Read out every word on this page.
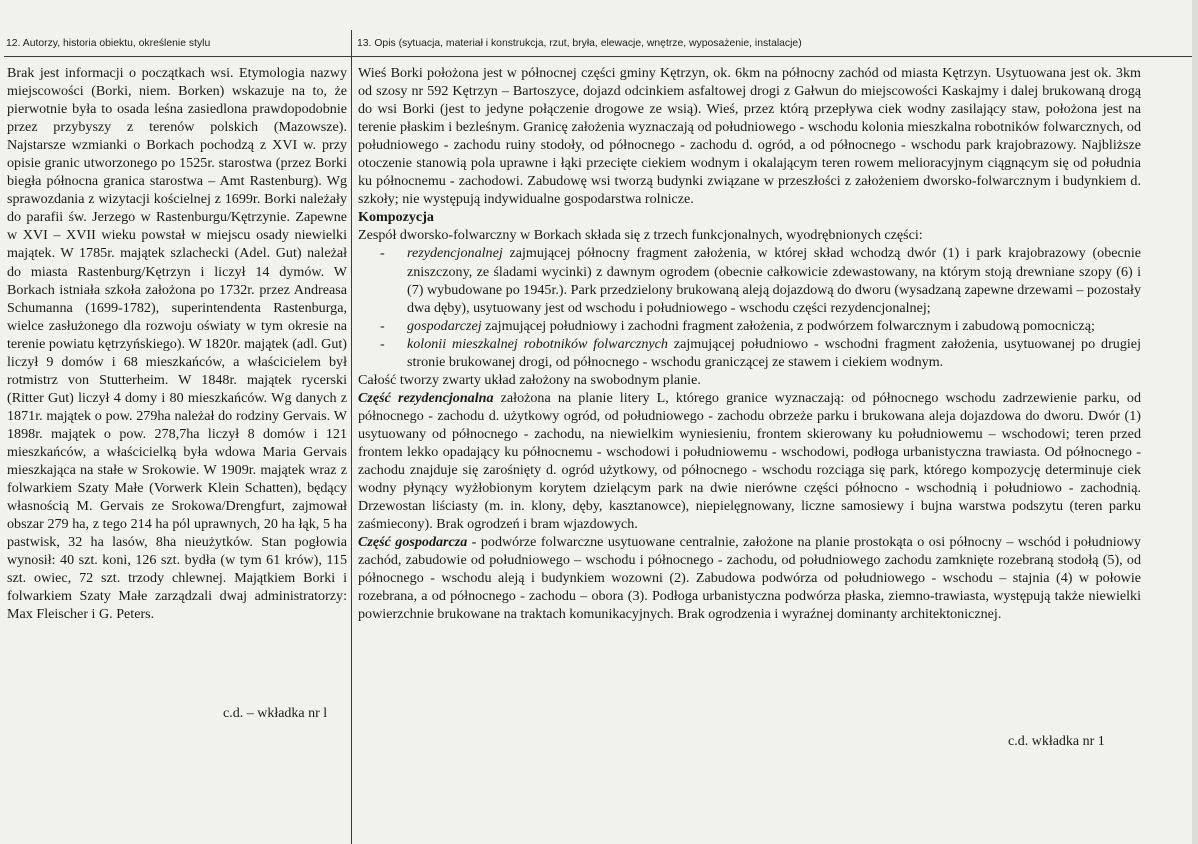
12. Autorzy, historia obiektu, określenie stylu	13. Opis (sytuacja, materiał i konstrukcja, rzut, bryła, elewacje, wnętrze, wyposażenie, instalacje)

Brak jest informacji o początkach wsi. Etymologia nazwy miejscowości (Borki, niem. Borken) wskazuje na to, że pierwotnie była to osada leśna zasiedlona prawdopodobnie przez przybyszy z terenów polskich (Mazowsze). Najstarsze wzmianki o Borkach pochodzą z XVI w. przy opisie granic utworzonego po 1525r. starostwa (przez Borki biegła północna granica starostwa – Amt Rastenburg). Wg sprawozdania z wizytacji kościelnej z 1699r. Borki należały do parafii św. Jerzego w Rastenburgu/Kętrzynie. Zapewne w XVI – XVII wieku powstał w miejscu osady niewielki majątek. W 1785r. majątek szlachecki (Adel. Gut) należał do miasta Rastenburg/Kętrzyn i liczył 14 dymów. W Borkach istniała szkoła założona po 1732r. przez Andreasa Schumanna (1699-1782), superintendenta Rastenburga, wielce zasłużonego dla rozwoju oświaty w tym okresie na terenie powiatu kętrzyńskiego). W 1820r. majątek (adl. Gut) liczył 9 domów i 68 mieszkańców, a właścicielem był rotmistrz von Stutterheim. W 1848r. majątek rycerski (Ritter Gut) liczył 4 domy i 80 mieszkańców. Wg danych z 1871r. majątek o pow. 279ha należał do rodziny Gervais. W 1898r. majątek o pow. 278,7ha liczył 8 domów i 121 mieszkańców, a właścicielką była wdowa Maria Gervais mieszkająca na stałe w Srokowie. W 1909r. majątek wraz z folwarkiem Szaty Małe (Vorwerk Klein Schatten), będący własnością M. Gervais ze Srokowa/Drengfurt, zajmował obszar 279 ha, z tego 214 ha pól uprawnych, 20 ha łąk, 5 ha pastwisk, 32 ha lasów, 8ha nieużytków. Stan pogłowia wynosił: 40 szt. koni, 126 szt. bydła (w tym 61 krów), 115 szt. owiec, 72 szt. trzody chlewnej. Majątkiem Borki i folwarkiem Szaty Małe zarządzali dwaj administratorzy: Max Fleischer i G. Peters.

c.d. – wkładka nr l

Wieś Borki położona jest w północnej części gminy Kętrzyn, ok. 6km na północny zachód od miasta Kętrzyn. Usytuowana jest ok. 3km od szosy nr 592 Kętrzyn – Bartoszyce, dojazd odcinkiem asfaltowej drogi z Gałwun do miejscowości Kaskajmy i dalej brukowaną drogą do wsi Borki (jest to jedyne połączenie drogowe ze wsią). Wieś, przez którą przepływa ciek wodny zasilający staw, położona jest na terenie płaskim i bezleśnym. Granicę założenia wyznaczają od południowego - wschodu kolonia mieszkalna robotników folwarcznych, od południowego - zachodu ruiny stodoły, od północnego - zachodu d. ogród, a od północnego - wschodu park krajobrazowy. Najbliższe otoczenie stanowią pola uprawne i łąki przecięte ciekiem wodnym i okalającym teren rowem melioracyjnym ciągnącym się od południa ku północnemu - zachodowi. Zabudowę wsi tworzą budynki związane w przeszłości z założeniem dworsko-folwarcznym i budynkiem d. szkoły; nie występują indywidualne gospodarstwa rolnicze.

Kompozycja

Zespół dworsko-folwarczny w Borkach składa się z trzech funkcjonalnych, wyodrębnionych części:

- rezydencjonalnej zajmującej północny fragment założenia, w której skład wchodzą dwór (1) i park krajobrazowy (obecnie zniszczony, ze śladami wycinki) z dawnym ogrodem (obecnie całkowicie zdewastowany, na którym stoją drewniane szopy (6) i (7) wybudowane po 1945r.). Park przedzielony brukowaną aleją dojazdową do dworu (wysadzaną zapewne drzewami – pozostały dwa dęby), usytuowany jest od wschodu i południowego - wschodu części rezydencjonalnej;
- gospodarczej zajmującej południowy i zachodni fragment założenia, z podwórzem folwarcznym i zabudową pomocniczą;
- kolonii mieszkalnej robotników folwarcznych zajmującej południowo - wschodni fragment założenia, usytuowanej po drugiej stronie brukowanej drogi, od północnego - wschodu graniczącej ze stawem i ciekiem wodnym.

Całość tworzy zwarty układ założony na swobodnym planie.

Część rezydencjonalna założona na planie litery L, którego granice wyznaczają: od północnego wschodu zadrzewienie parku, od północnego - zachodu d. użytkowy ogród, od południowego - zachodu obrzeże parku i brukowana aleja dojazdowa do dworu. Dwór (1) usytuowany od północnego - zachodu, na niewielkim wyniesieniu, frontem skierowany ku południowemu – wschodowi; teren przed frontem lekko opadający ku północnemu - wschodowi i południowemu - wschodowi, podłoga urbanistyczna trawiasta. Od północnego - zachodu znajduje się zarośnięty d. ogród użytkowy, od północnego - wschodu rozciąga się park, którego kompozycję determinuje ciek wodny płynący wyżłobionym korytem dzielącym park na dwie nierówne części północno - wschodnią i południowo - zachodnią. Drzewostan liściasty (m. in. klony, dęby, kasztanowce), niepielęgnowany, liczne samosiewy i bujna warstwa podszytu (teren parku zaśmiecony). Brak ogrodzeń i bram wjazdowych.

Część gospodarcza - podwórze folwarczne usytuowane centralnie, założone na planie prostokąta o osi północny – wschód i południowy zachód, zabudowie od południowego – wschodu i północnego - zachodu, od południowego zachodu zamknięte rozebraną stodołą (5), od północnego - wschodu aleją i budynkiem wozowni (2). Zabudowa podwórza od południowego - wschodu – stajnia (4) w połowie rozebrana, a od północnego - zachodu – obora (3). Podłoga urbanistyczna podwórza płaska, ziemno-trawiasta, występują także niewielki powierzchnie brukowane na traktach komunikacyjnych. Brak ogrodzenia i wyraźnej dominanty architektonicznej.

c.d. wkładka nr 1
